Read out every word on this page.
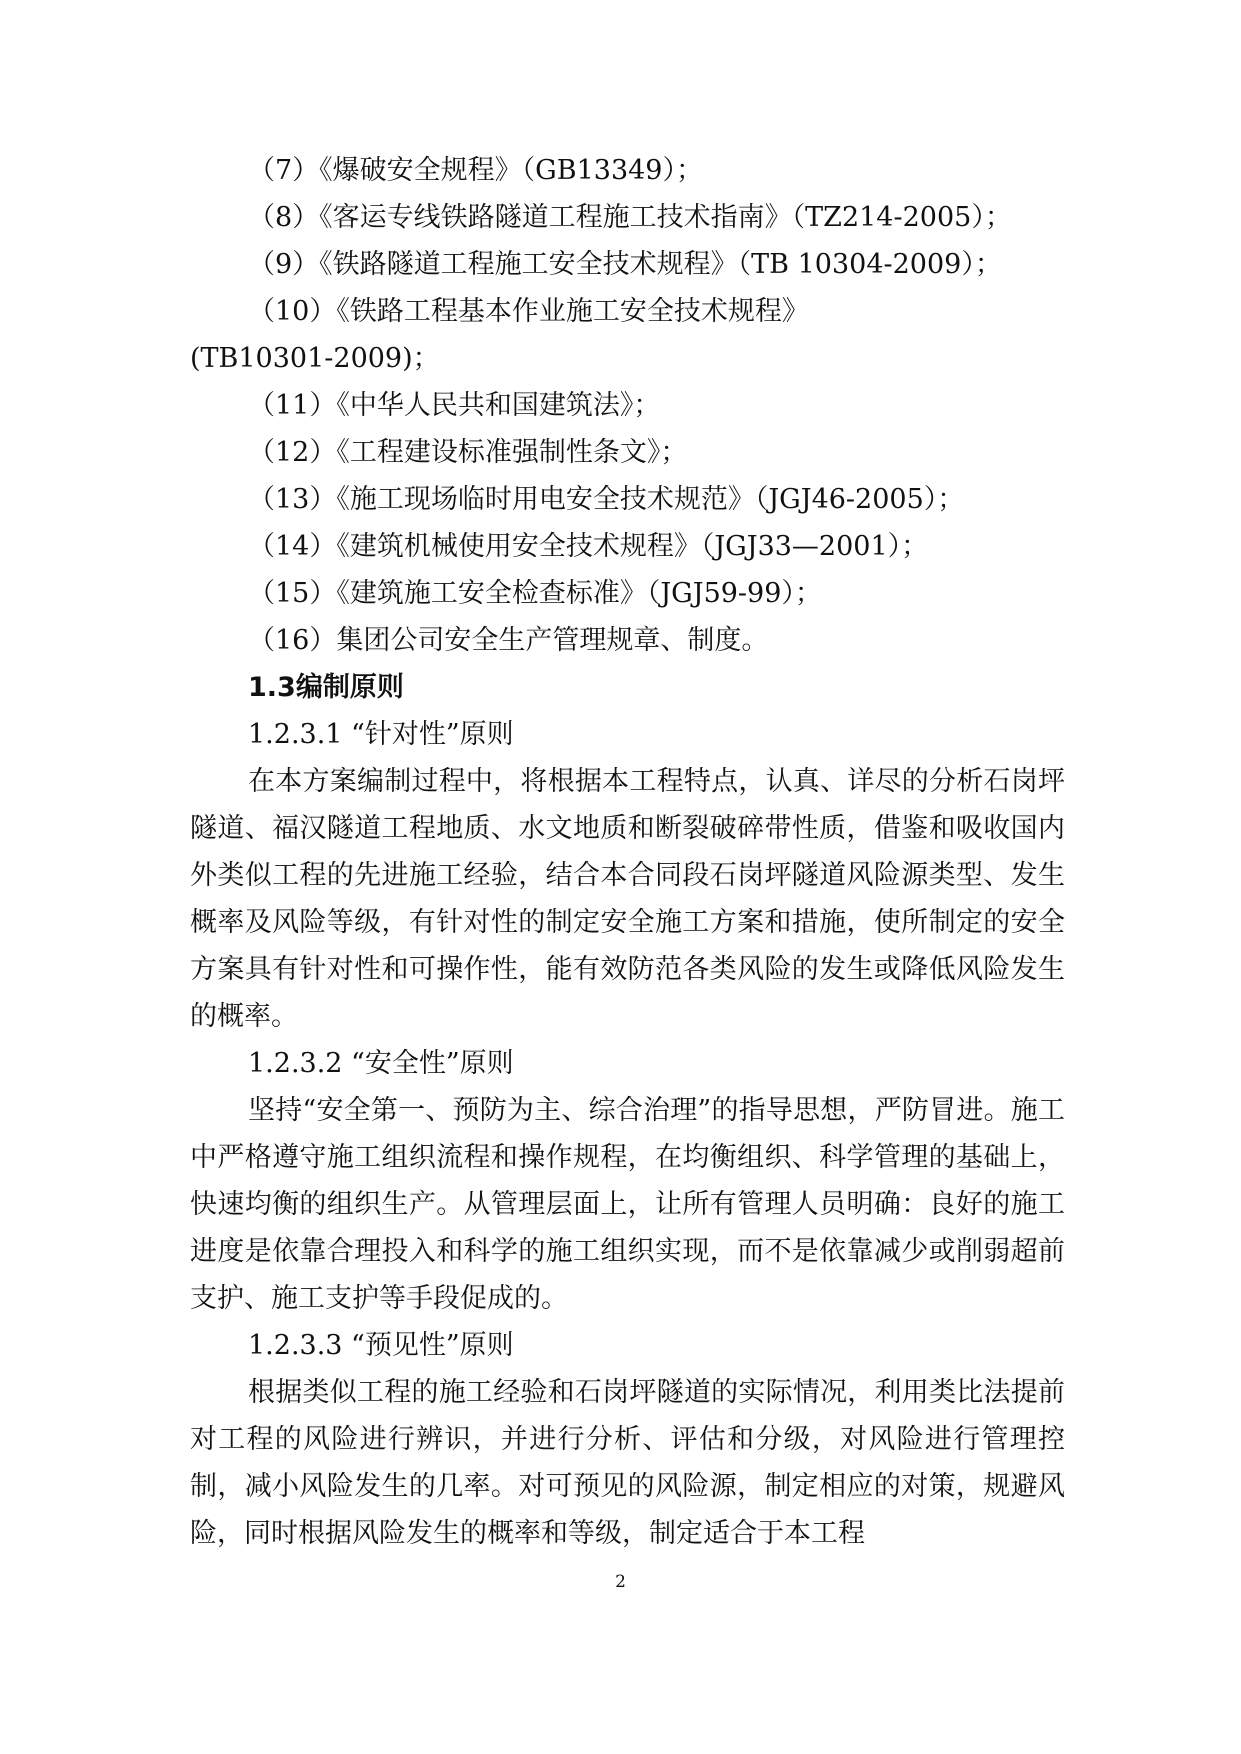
（7）《爆破安全规程》（GB13349）；
（8）《客运专线铁路隧道工程施工技术指南》（TZ214-2005）；
（9）《铁路隧道工程施工安全技术规程》（TB 10304-2009）；
（10）《铁路工程基本作业施工安全技术规程》
(TB10301-2009)；
（11）《中华人民共和国建筑法》；
（12）《工程建设标准强制性条文》；
（13）《施工现场临时用电安全技术规范》（JGJ46-2005）；
（14）《建筑机械使用安全技术规程》（JGJ33—2001）；
（15）《建筑施工安全检查标准》（JGJ59-99）；
（16）集团公司安全生产管理规章、制度。
1.3编制原则
1.2.3.1 “针对性”原则

在本方案编制过程中，将根据本工程特点，认真、详尽的分析石岗坪隧道、福汉隧道工程地质、水文地质和断裂破碎带性质，借鉴和吸收国内外类似工程的先进施工经验，结合本合同段石岗坪隧道风险源类型、发生概率及风险等级，有针对性的制定安全施工方案和措施，使所制定的安全方案具有针对性和可操作性，能有效防范各类风险的发生或降低风险发生的概率。

1.2.3.2 “安全性”原则

坚持“安全第一、预防为主、综合治理”的指导思想，严防冒进。施工中严格遵守施工组织流程和操作规程，在均衡组织、科学管理的基础上，快速均衡的组织生产。从管理层面上，让所有管理人员明确：良好的施工进度是依靠合理投入和科学的施工组织实现，而不是依靠减少或削弱超前支护、施工支护等手段促成的。

1.2.3.3 “预见性”原则

根据类似工程的施工经验和石岗坪隧道的实际情况，利用类比法提前对工程的风险进行辨识，并进行分析、评估和分级，对风险进行管理控制，减小风险发生的几率。对可预见的风险源，制定相应的对策，规避风险，同时根据风险发生的概率和等级，制定适合于本工程

2
